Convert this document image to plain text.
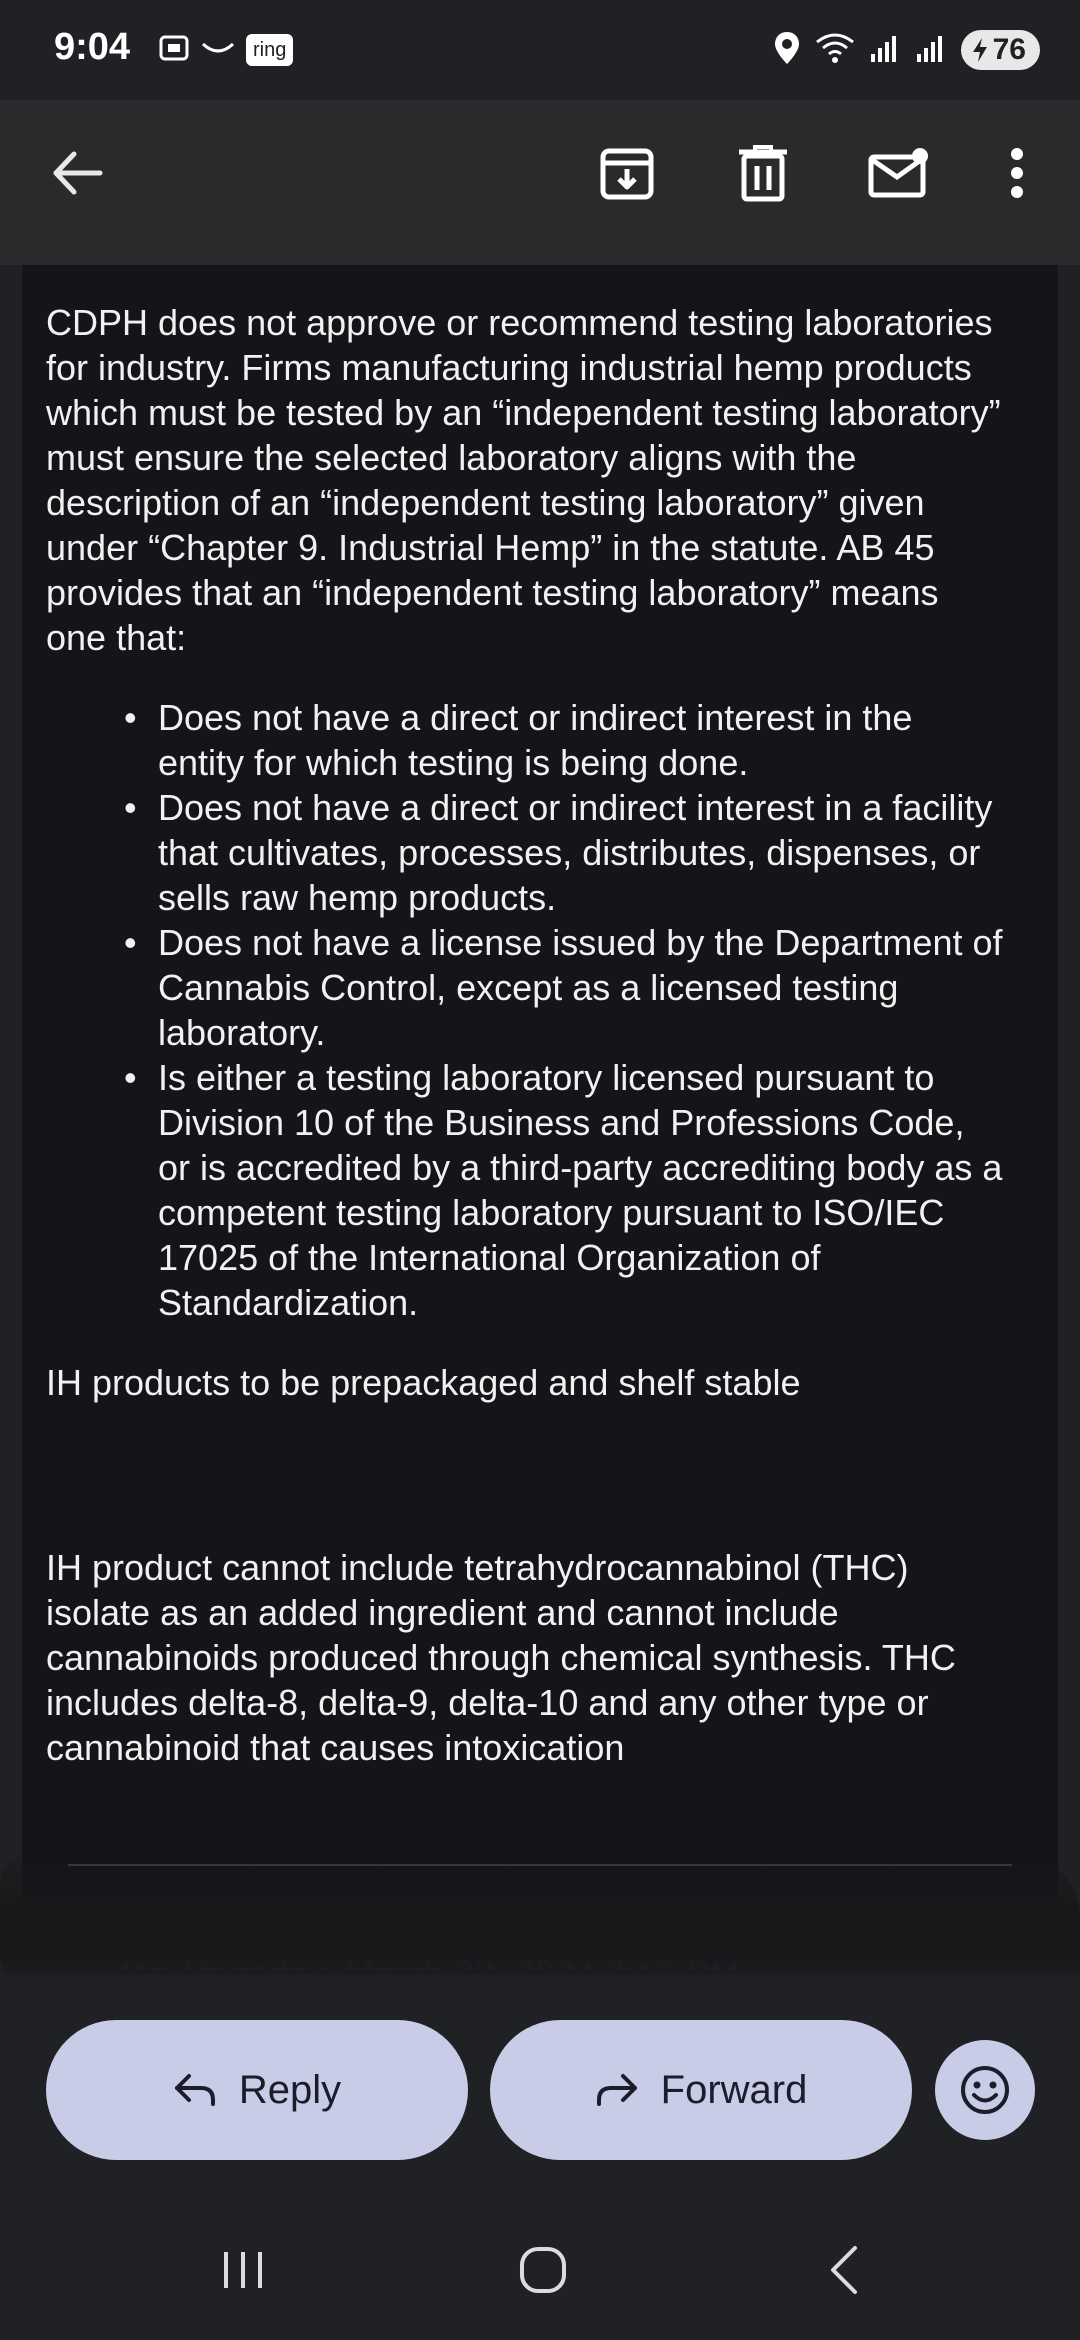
9:04	ring	76

CDPH does not approve or recommend testing laboratories for industry. Firms manufacturing industrial hemp products which must be tested by an “independent testing laboratory” must ensure the selected laboratory aligns with the description of an “independent testing laboratory” given under “Chapter 9. Industrial Hemp” in the statute. AB 45 provides that an “independent testing laboratory” means one that:

• Does not have a direct or indirect interest in the entity for which testing is being done.
• Does not have a direct or indirect interest in a facility that cultivates, processes, distributes, dispenses, or sells raw hemp products.
• Does not have a license issued by the Department of Cannabis Control, except as a licensed testing laboratory.
• Is either a testing laboratory licensed pursuant to Division 10 of the Business and Professions Code, or is accredited by a third-party accrediting body as a competent testing laboratory pursuant to ISO/IEC 17025 of the International Organization of Standardization.

IH products to be prepackaged and shelf stable

IH product cannot include tetrahydrocannabinol (THC) isolate as an added ingredient and cannot include cannabinoids produced through chemical synthesis. THC includes delta-8, delta-9, delta-10 and any other type or cannabinoid that causes intoxication

Reply	Forward
